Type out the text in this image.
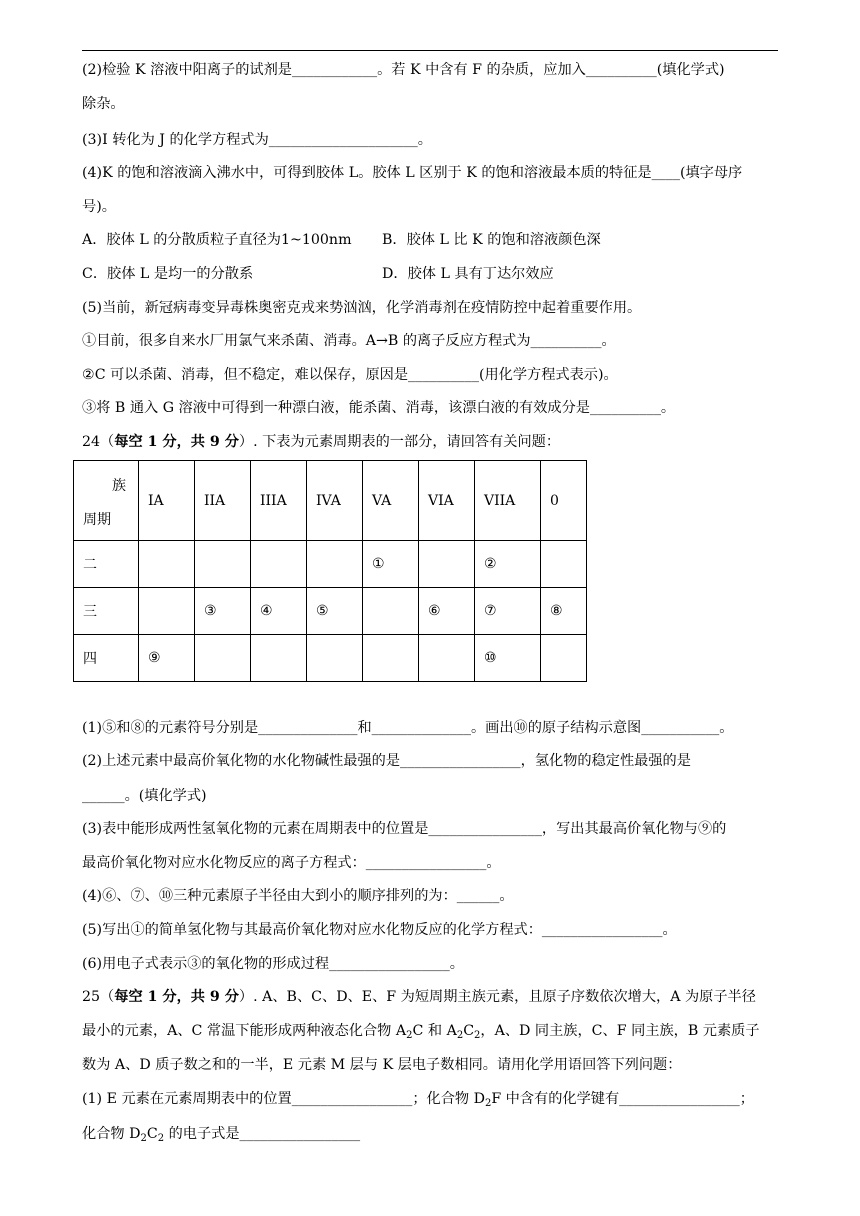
(2)检验 K 溶液中阳离子的试剂是____________。若 K 中含有 F 的杂质，应加入__________(填化学式)
除杂。
(3)I 转化为 J 的化学方程式为_____________________。
(4)K 的饱和溶液滴入沸水中，可得到胶体 L。胶体 L 区别于 K 的饱和溶液最本质的特征是____(填字母序
号)。
A．胶体 L 的分散质粒子直径为1~100nm B．胶体 L 比 K 的饱和溶液颜色深
C．胶体 L 是均一的分散系	D．胶体 L 具有丁达尔效应
(5)当前，新冠病毒变异毒株奥密克戎来势汹汹，化学消毒剂在疫情防控中起着重要作用。
①目前，很多自来水厂用氯气来杀菌、消毒。A→B 的离子反应方程式为__________。
②C 可以杀菌、消毒，但不稳定，难以保存，原因是__________(用化学方程式表示)。
③将 B 通入 G 溶液中可得到一种漂白液，能杀菌、消毒，该漂白液的有效成分是__________。
24（每空 1 分，共 9 分）. 下表为元素周期表的一部分，请回答有关问题：
族
周期	IA	IIA	IIIA	IVA	VA	VIA	VIIA	0
二					①		②	
三		③	④	⑤		⑥	⑦	⑧
四	⑨						⑩	
(1)⑤和⑧的元素符号分别是______________和______________。画出⑩的原子结构示意图___________。
(2)上述元素中最高价氧化物的水化物碱性最强的是_________________，氢化物的稳定性最强的是
______。(填化学式)
(3)表中能形成两性氢氧化物的元素在周期表中的位置是________________，写出其最高价氧化物与⑨的
最高价氧化物对应水化物反应的离子方程式：_________________。
(4)⑥、⑦、⑩三种元素原子半径由大到小的顺序排列的为：______。
(5)写出①的简单氢化物与其最高价氧化物对应水化物反应的化学方程式：_________________。
(6)用电子式表示③的氧化物的形成过程_________________。
25（每空 1 分，共 9 分）. A、B、C、D、E、F 为短周期主族元素，且原子序数依次增大，A 为原子半径
最小的元素，A、C 常温下能形成两种液态化合物 $A_2C$ 和 $A_2C_2$，A、D 同主族，C、F 同主族，B 元素质子
数为 A、D 质子数之和的一半，E 元素 M 层与 K 层电子数相同。请用化学用语回答下列问题：
(1) E 元素在元素周期表中的位置_________________；化合物 $D_2F$ 中含有的化学键有_________________；
化合物 $D_2C_2$ 的电子式是_________________
